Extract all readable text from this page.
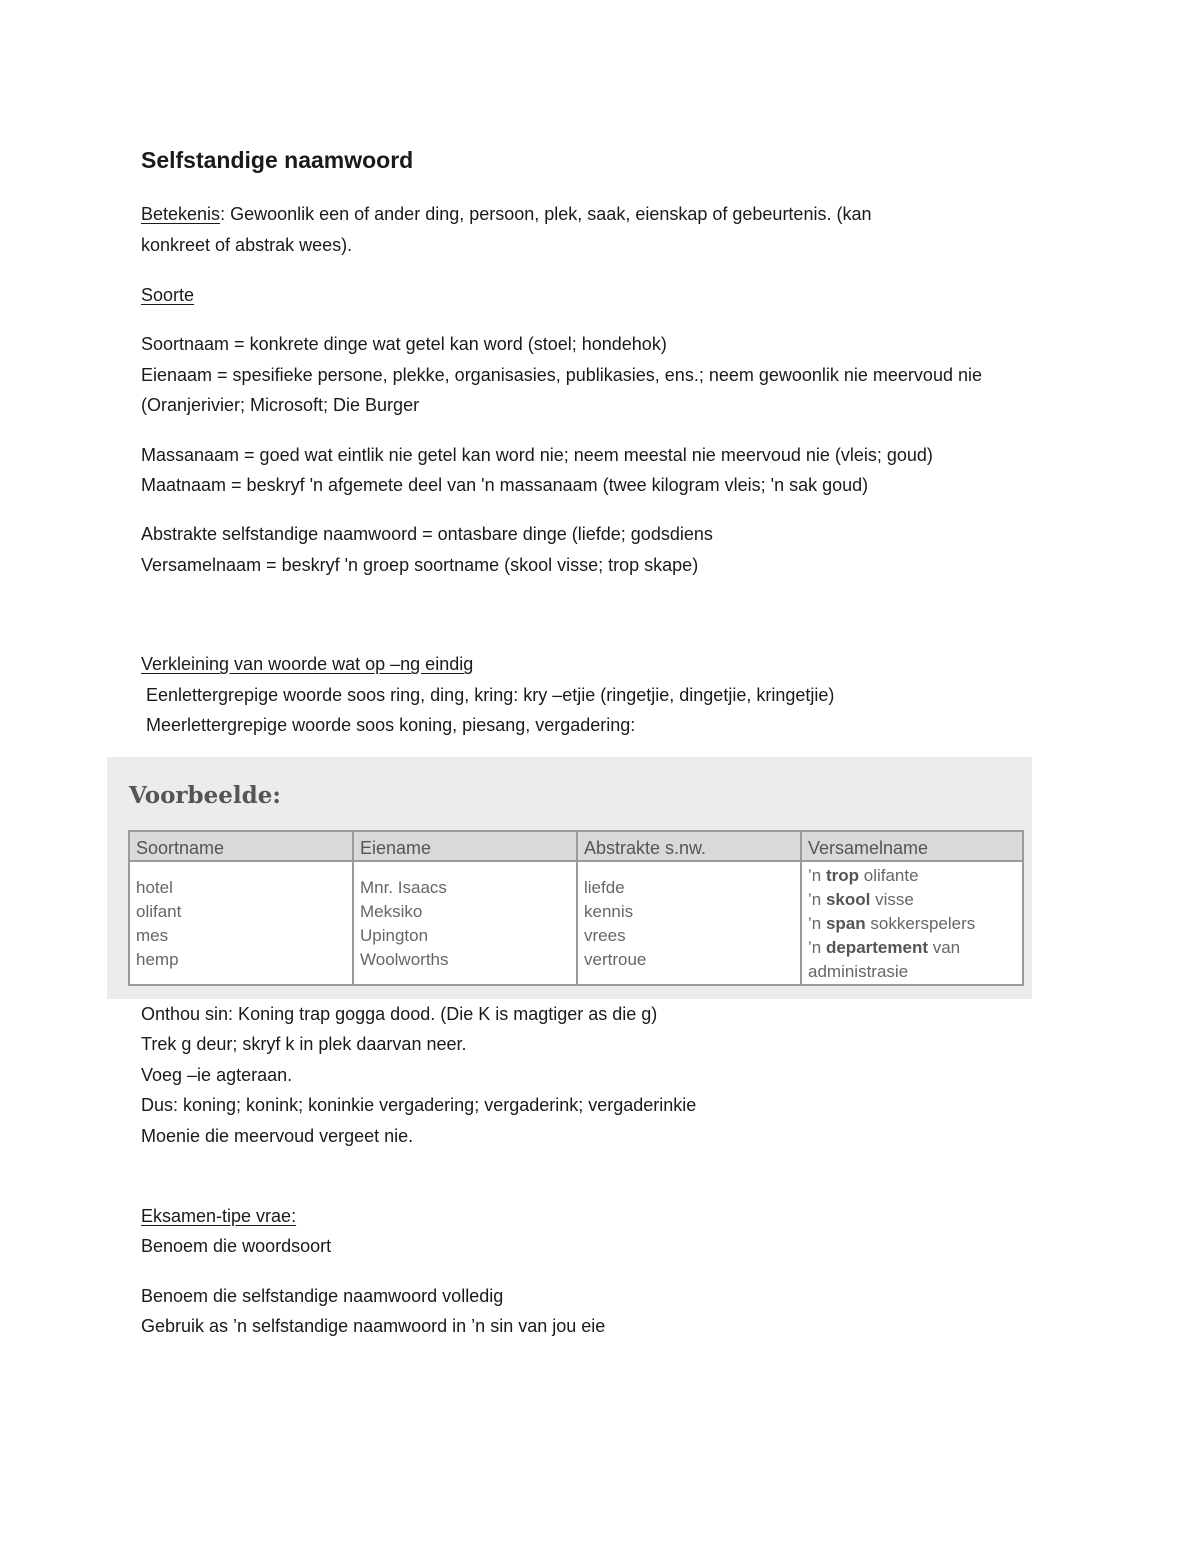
Selfstandige naamwoord
Betekenis: Gewoonlik een of ander ding, persoon, plek, saak, eienskap of gebeurtenis. (kan
konkreet of abstrak wees).
Soorte
Soortnaam = konkrete dinge wat getel kan word (stoel; hondehok)
Eienaam = spesifieke persone, plekke, organisasies, publikasies, ens.; neem gewoonlik nie meervoud nie
(Oranjerivier; Microsoft; Die Burger
Massanaam = goed wat eintlik nie getel kan word nie; neem meestal nie meervoud nie (vleis; goud)
Maatnaam = beskryf 'n afgemete deel van 'n massanaam (twee kilogram vleis; 'n sak goud)
Abstrakte selfstandige naamwoord = ontasbare dinge (liefde; godsdiens
Versamelnaam = beskryf 'n groep soortname (skool visse; trop skape)
Verkleining van woorde wat op –ng eindig
Eenlettergrepige woorde soos ring, ding, kring: kry –etjie (ringetjie, dingetjie, kringetjie)
Meerlettergrepige woorde soos koning, piesang, vergadering:
Voorbeelde:
Soortname
hotel
olifant
mes
hemp
Eiename
Mnr. Isaacs
Meksiko
Upington
Woolworths
Abstrakte s.nw.
liefde
kennis
vrees
vertroue
Versamelname
’n trop olifante
’n skool visse
’n span sokkerspelers
’n departement van
administrasie
Onthou sin: Koning trap gogga dood. (Die K is magtiger as die g)
Trek g deur; skryf k in plek daarvan neer.
Voeg –ie agteraan.
Dus: koning; konink; koninkie vergadering; vergaderink; vergaderinkie
Moenie die meervoud vergeet nie.
Eksamen-tipe vrae:
Benoem die woordsoort
Benoem die selfstandige naamwoord volledig
Gebruik as ’n selfstandige naamwoord in ’n sin van jou eie
